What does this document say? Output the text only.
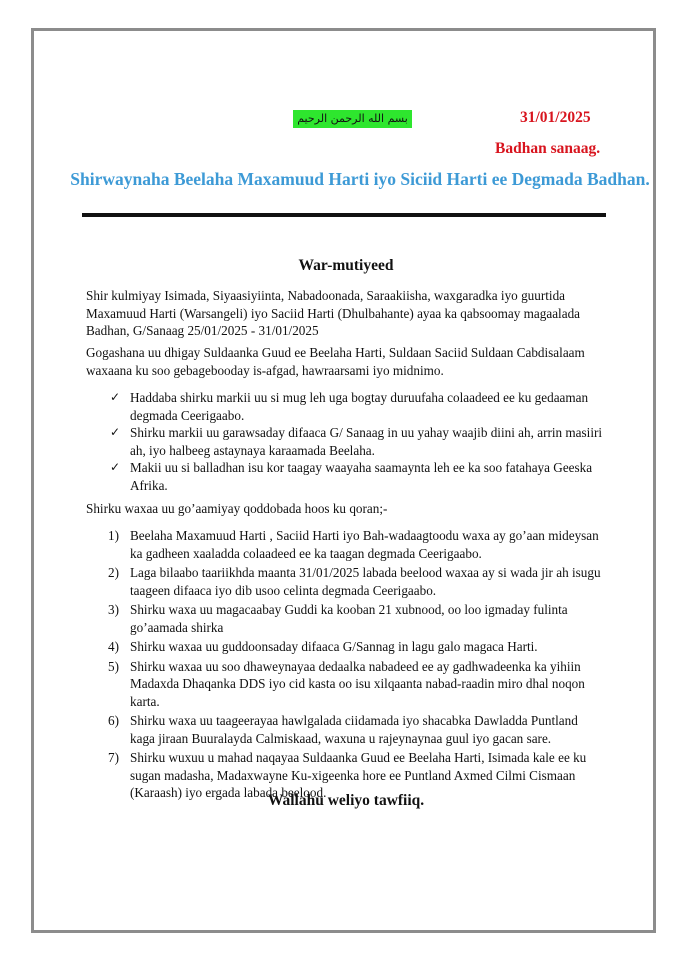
بسم الله الرحمن الرحيم	31/01/2025
Badhan sanaag.
Shirwaynaha Beelaha Maxamuud Harti iyo Siciid Harti ee Degmada Badhan.
War-mutiyeed

Shir kulmiyay Isimada, Siyaasiyiinta, Nabadoonada, Saraakiisha, waxgaradka iyo guurtida Maxamuud Harti (Warsangeli) iyo Saciid Harti (Dhulbahante) ayaa ka qabsoomay magaalada Badhan, G/Sanaag 25/01/2025 - 31/01/2025

Gogashana uu dhigay Suldaanka Guud ee Beelaha Harti, Suldaan Saciid Suldaan Cabdisalaam waxaana ku soo gebagebooday is-afgad, hawraarsami iyo midnimo.

✓ Haddaba shirku markii uu si mug leh uga bogtay duruufaha colaadeed ee ku gedaaman degmada Ceerigaabo.
✓ Shirku markii uu garawsaday difaaca G/ Sanaag in uu yahay waajib diini ah, arrin masiiri ah, iyo halbeeg astaynaya karaamada Beelaha.
✓ Makii uu si balladhan isu kor taagay waayaha saamaynta leh ee ka soo fatahaya Geeska Afrika.

Shirku waxaa uu go’aamiyay qoddobada hoos ku qoran;-

1) Beelaha Maxamuud Harti , Saciid Harti iyo Bah-wadaagtoodu waxa ay go’aan mideysan ka gadheen xaaladda colaadeed ee ka taagan degmada Ceerigaabo.
2) Laga bilaabo taariikhda maanta 31/01/2025 labada beelood waxaa ay si wada jir ah isugu taageen difaaca iyo dib usoo celinta degmada Ceerigaabo.
3) Shirku waxa uu magacaabay Guddi ka kooban 21 xubnood, oo loo igmaday fulinta go’aamada shirka
4) Shirku waxaa uu guddoonsaday difaaca G/Sannag in lagu galo magaca Harti.
5) Shirku waxaa uu soo dhaweynayaa dedaalka nabadeed ee ay gadhwadeenka ka yihiin Madaxda Dhaqanka DDS iyo cid kasta oo isu xilqaanta nabad-raadin miro dhal noqon karta.
6) Shirku waxa uu taageerayaa hawlgalada ciidamada iyo shacabka Dawladda Puntland kaga jiraan Buuralayda Calmiskaad, waxuna u rajeynaynaa guul iyo gacan sare.
7) Shirku wuxuu u mahad naqayaa Suldaanka Guud ee Beelaha Harti, Isimada kale ee ku sugan madasha, Madaxwayne Ku-xigeenka hore ee Puntland Axmed Cilmi Cismaan (Karaash) iyo ergada labada beelood.
Wallahu weliyo tawfiiq.
